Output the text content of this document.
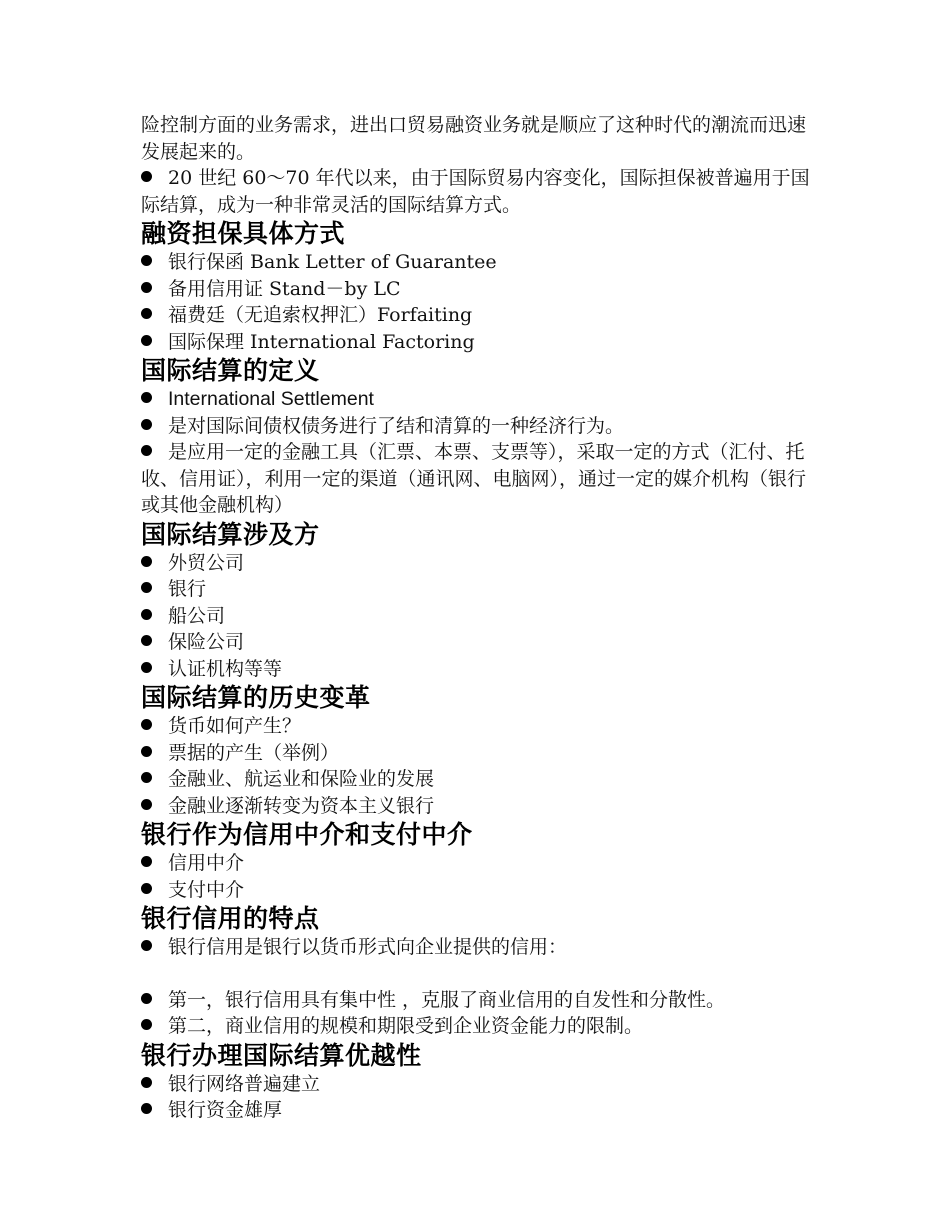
险控制方面的业务需求，进出口贸易融资业务就是顺应了这种时代的潮流而迅速发展起来的。

20 世纪 60～70 年代以来，由于国际贸易内容变化，国际担保被普遍用于国际结算，成为一种非常灵活的国际结算方式。

融资担保具体方式

银行保函 Bank Letter of Guarantee

备用信用证 Stand－by LC

福费廷（无追索权押汇）Forfaiting

国际保理 International Factoring

国际结算的定义

International Settlement

是对国际间债权债务进行了结和清算的一种经济行为。

是应用一定的金融工具（汇票、本票、支票等），采取一定的方式（汇付、托收、信用证），利用一定的渠道（通讯网、电脑网），通过一定的媒介机构（银行或其他金融机构）

国际结算涉及方

外贸公司

银行

船公司

保险公司

认证机构等等

国际结算的历史变革

货币如何产生？

票据的产生（举例）

金融业、航运业和保险业的发展

金融业逐渐转变为资本主义银行

银行作为信用中介和支付中介

信用中介

支付中介

银行信用的特点

银行信用是银行以货币形式向企业提供的信用：

第一，银行信用具有集中性 ，克服了商业信用的自发性和分散性。

第二，商业信用的规模和期限受到企业资金能力的限制。

银行办理国际结算优越性

银行网络普遍建立

银行资金雄厚
